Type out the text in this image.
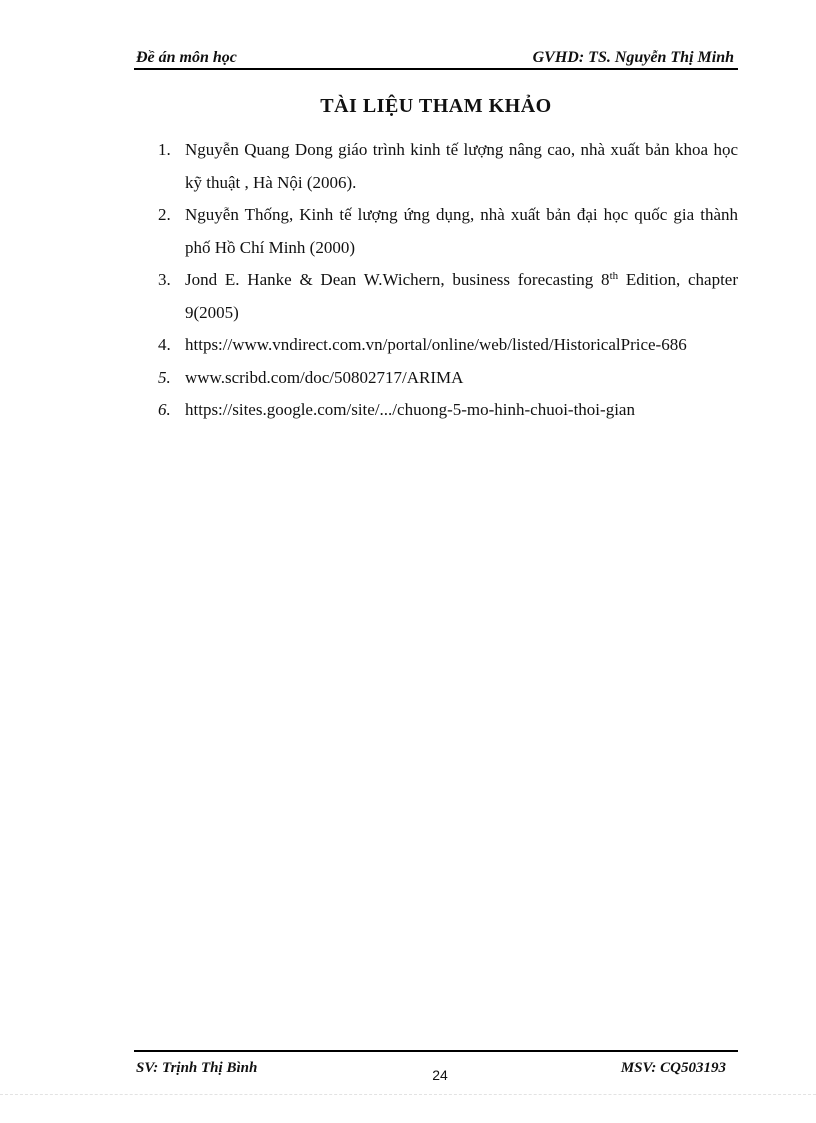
Đề án môn học	GVHD: TS. Nguyễn Thị Minh
TÀI LIỆU THAM KHẢO
1. Nguyễn Quang Dong giáo trình kinh tế lượng nâng cao, nhà xuất bản khoa học kỹ thuật , Hà Nội (2006).
2. Nguyễn Thống, Kinh tế lượng ứng dụng, nhà xuất bản đại học quốc gia thành phố Hồ Chí Minh (2000)
3. Jond E. Hanke & Dean W.Wichern, business forecasting 8th Edition, chapter 9(2005)
4. https://www.vndirect.com.vn/portal/online/web/listed/HistoricalPrice-686
5. www.scribd.com/doc/50802717/ARIMA
6. https://sites.google.com/site/.../chuong-5-mo-hinh-chuoi-thoi-gian
SV: Trịnh Thị Bình	MSV: CQ503193
24
